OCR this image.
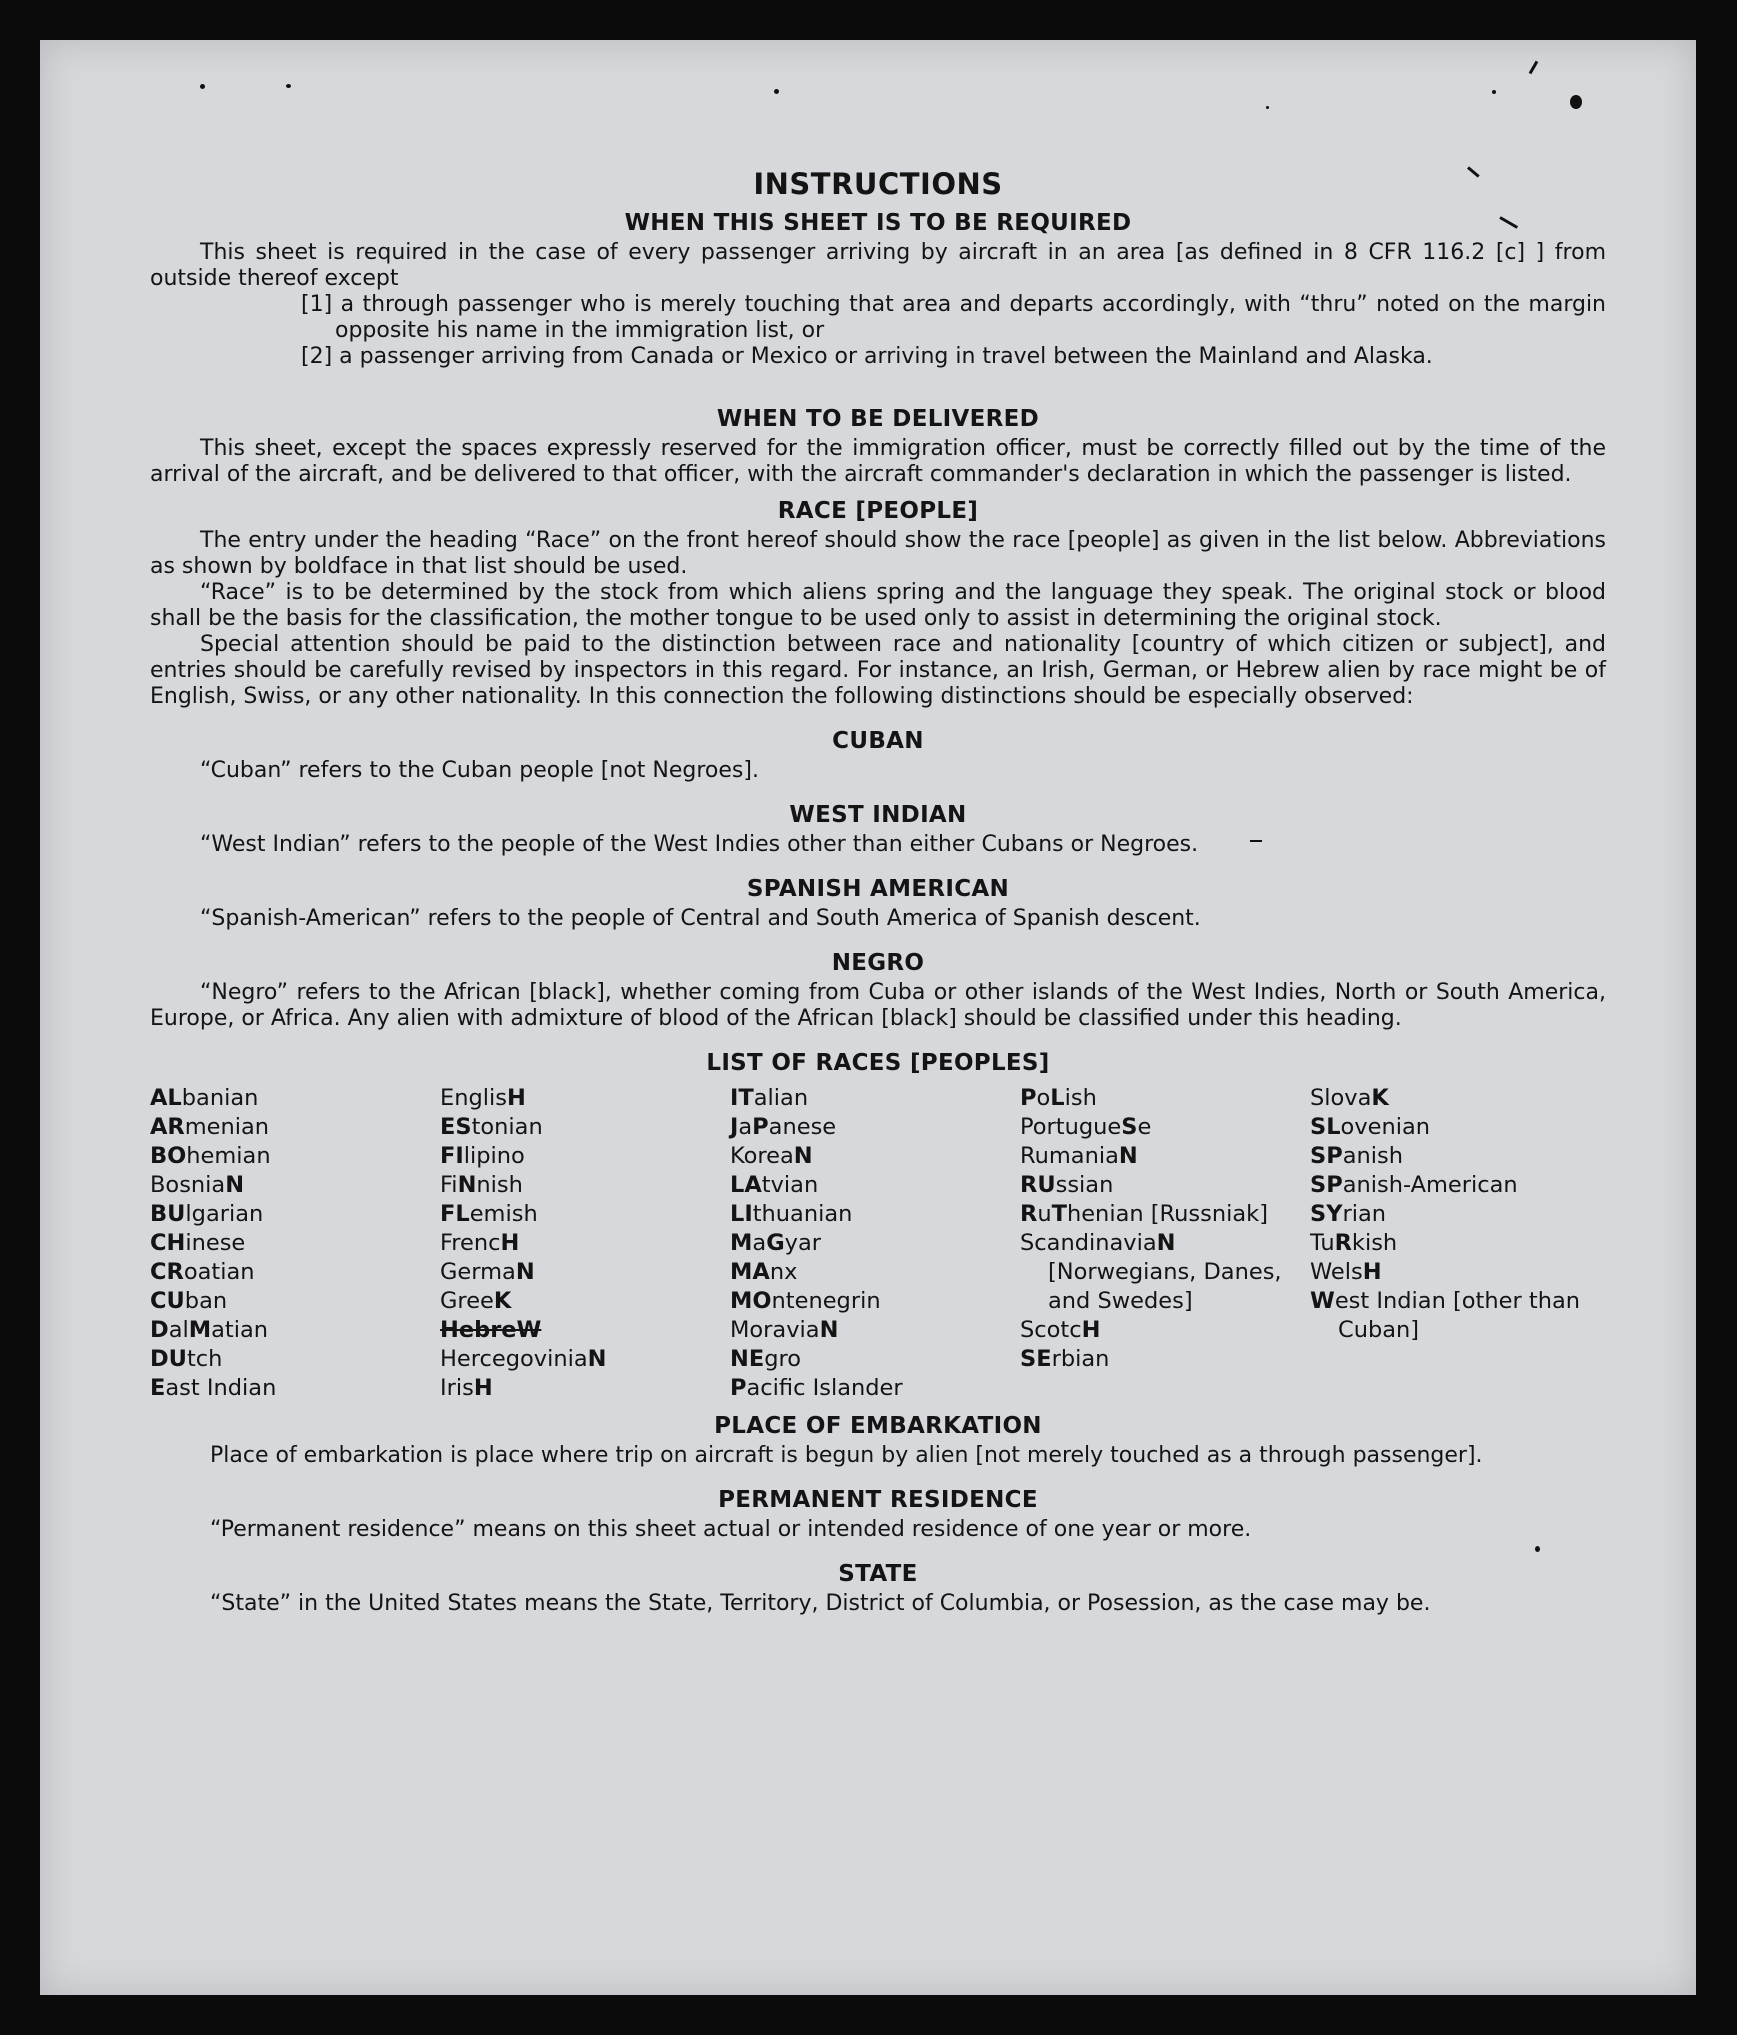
INSTRUCTIONS
WHEN THIS SHEET IS TO BE REQUIRED

This sheet is required in the case of every passenger arriving by aircraft in an area [as defined in 8 CFR 116.2 [c] ] from outside thereof except

[1] a through passenger who is merely touching that area and departs accordingly, with “thru” noted on the margin opposite his name in the immigration list, or

[2] a passenger arriving from Canada or Mexico or arriving in travel between the Mainland and Alaska.

WHEN TO BE DELIVERED

This sheet, except the spaces expressly reserved for the immigration officer, must be correctly filled out by the time of the arrival of the aircraft, and be delivered to that officer, with the aircraft commander's declaration in which the passenger is listed.

RACE [PEOPLE]

The entry under the heading “Race” on the front hereof should show the race [people] as given in the list below. Abbreviations as shown by boldface in that list should be used.

“Race” is to be determined by the stock from which aliens spring and the language they speak. The original stock or blood shall be the basis for the classification, the mother tongue to be used only to assist in determining the original stock.

Special attention should be paid to the distinction between race and nationality [country of which citizen or subject], and entries should be carefully revised by inspectors in this regard. For instance, an Irish, German, or Hebrew alien by race might be of English, Swiss, or any other nationality. In this connection the following distinctions should be especially observed:

CUBAN

“Cuban” refers to the Cuban people [not Negroes].

WEST INDIAN

“West Indian” refers to the people of the West Indies other than either Cubans or Negroes.

SPANISH AMERICAN

“Spanish-American” refers to the people of Central and South America of Spanish descent.

NEGRO

“Negro” refers to the African [black], whether coming from Cuba or other islands of the West Indies, North or South America, Europe, or Africa. Any alien with admixture of blood of the African [black] should be classified under this heading.

LIST OF RACES [PEOPLES]
ALbanian
ARmenian
BOhemian
BosniaN
BUlgarian
CHinese
CRoatian
CUban
DalMatian
DUtch
East Indian
EnglisH
EStonian
FIlipino
FiNnish
FLemish
FrencH
GermaN
GreeK
HebreW
HercegoviniaN
IrisH
ITalian
JaPanese
KoreaN
LAtvian
LIthuanian
MaGyar
MAnx
MOntenegrin
MoraviaN
NEgro
Pacific Islander
PoLish
PortugueSe
RumaniaN
RUssian
RuThenian [Russniak]
ScandinaviaN [Norwegians, Danes, and Swedes]
ScotcH
SErbian
SlovaK
SLovenian
SPanish
SPanish-American
SYrian
TuRkish
WelsH
West Indian [other than Cuban]
PLACE OF EMBARKATION

Place of embarkation is place where trip on aircraft is begun by alien [not merely touched as a through passenger].

PERMANENT RESIDENCE

“Permanent residence” means on this sheet actual or intended residence of one year or more.

STATE

“State” in the United States means the State, Territory, District of Columbia, or Posession, as the case may be.
